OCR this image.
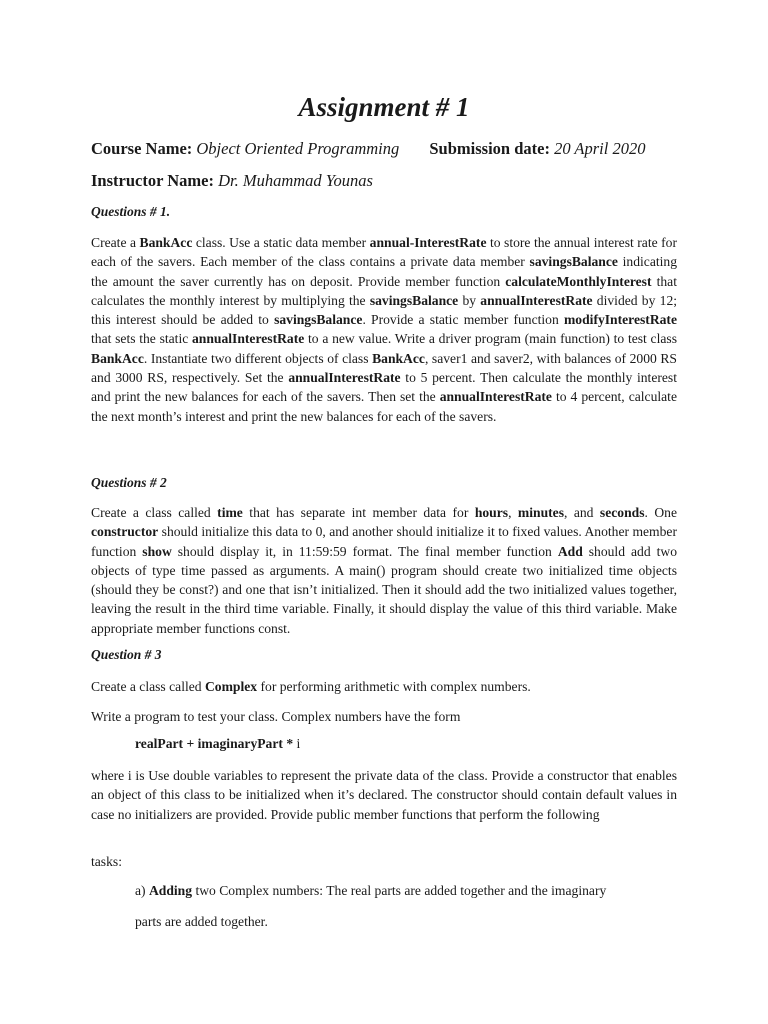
Assignment # 1
Course Name: Object Oriented Programming Submission date: 20 April 2020
Instructor Name: Dr. Muhammad Younas

Questions # 1.

Create a BankAcc class. Use a static data member annual-InterestRate to store the annual interest rate for each of the savers. Each member of the class contains a private data member savingsBalance indicating the amount the saver currently has on deposit. Provide member function calculateMonthlyInterest that calculates the monthly interest by multiplying the savingsBalance by annualInterestRate divided by 12; this interest should be added to savingsBalance. Provide a static member function modifyInterestRate that sets the static annualInterestRate to a new value. Write a driver program (main function) to test class BankAcc. Instantiate two different objects of class BankAcc, saver1 and saver2, with balances of 2000 RS and 3000 RS, respectively. Set the annualInterestRate to 5 percent. Then calculate the monthly interest and print the new balances for each of the savers. Then set the annualInterestRate to 4 percent, calculate the next month’s interest and print the new balances for each of the savers.

Questions # 2

Create a class called time that has separate int member data for hours, minutes, and seconds. One constructor should initialize this data to 0, and another should initialize it to fixed values. Another member function show should display it, in 11:59:59 format. The final member function Add should add two objects of type time passed as arguments. A main() program should create two initialized time objects (should they be const?) and one that isn’t initialized. Then it should add the two initialized values together, leaving the result in the third time variable. Finally, it should display the value of this third variable. Make appropriate member functions const.

Question # 3

Create a class called Complex for performing arithmetic with complex numbers.

Write a program to test your class. Complex numbers have the form

realPart + imaginaryPart * i

where i is Use double variables to represent the private data of the class. Provide a constructor that enables an object of this class to be initialized when it’s declared. The constructor should contain default values in case no initializers are provided. Provide public member functions that perform the following

tasks:

a) Adding two Complex numbers: The real parts are added together and the imaginary

parts are added together.
